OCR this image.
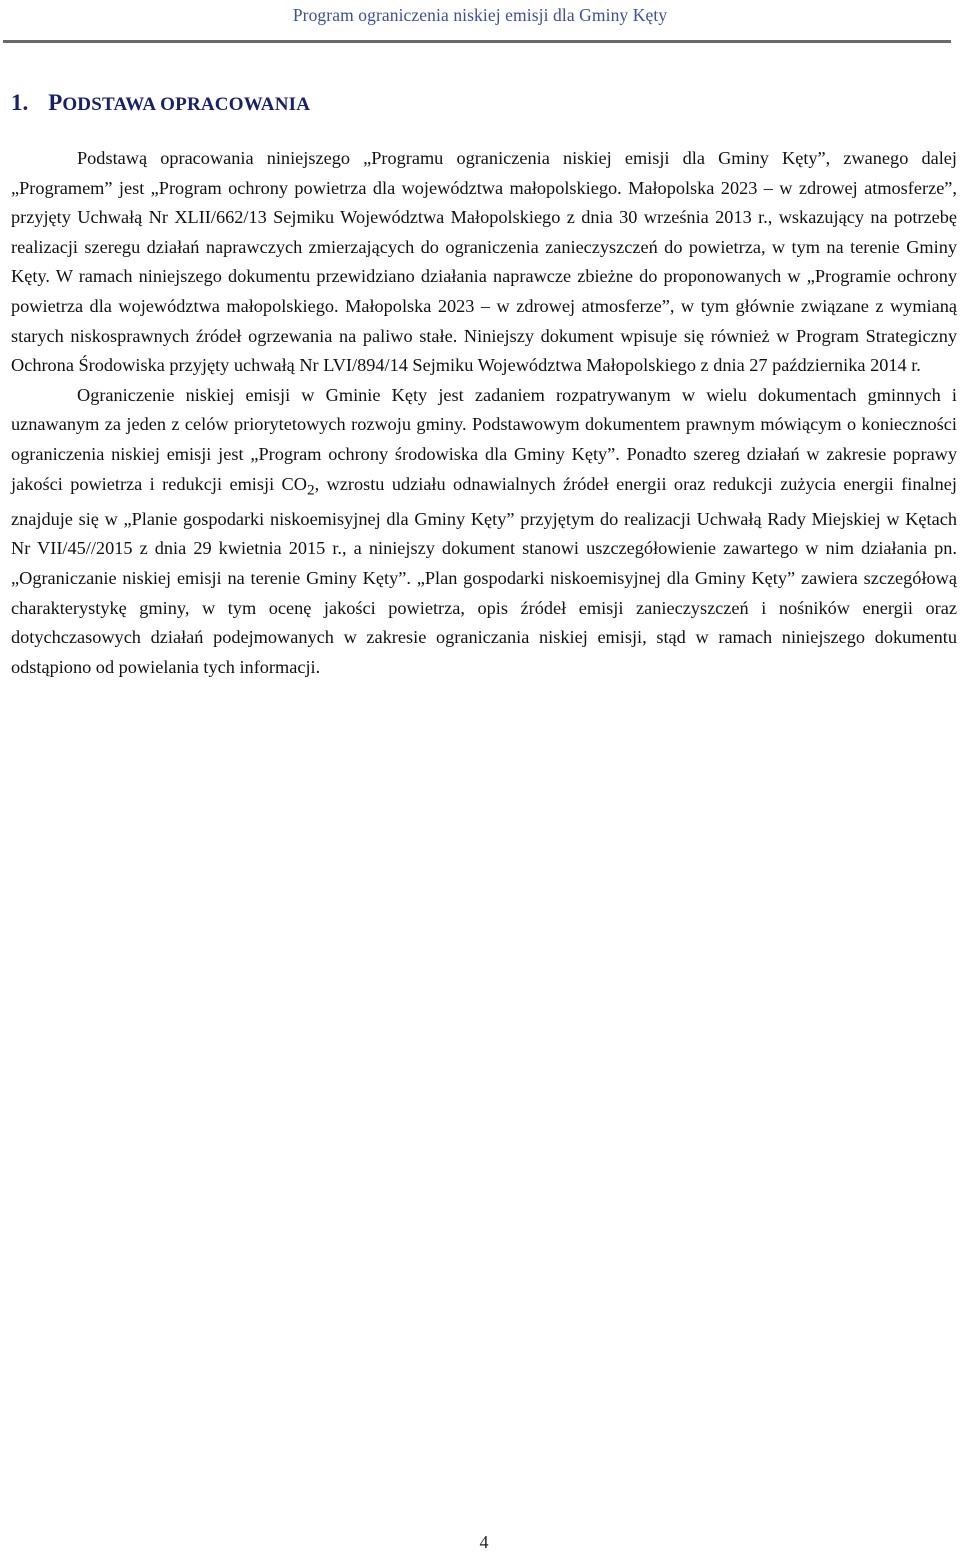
Program ograniczenia niskiej emisji dla Gminy Kęty
1. PODSTAWA OPRACOWANIA

Podstawą opracowania niniejszego „Programu ograniczenia niskiej emisji dla Gminy Kęty”, zwanego dalej „Programem” jest „Program ochrony powietrza dla województwa małopolskiego. Małopolska 2023 – w zdrowej atmosferze”, przyjęty Uchwałą Nr XLII/662/13 Sejmiku Województwa Małopolskiego z dnia 30 września 2013 r., wskazujący na potrzebę realizacji szeregu działań naprawczych zmierzających do ograniczenia zanieczyszczeń do powietrza, w tym na terenie Gminy Kęty. W ramach niniejszego dokumentu przewidziano działania naprawcze zbieżne do proponowanych w „Programie ochrony powietrza dla województwa małopolskiego. Małopolska 2023 – w zdrowej atmosferze”, w tym głównie związane z wymianą starych niskosprawnych źródeł ogrzewania na paliwo stałe. Niniejszy dokument wpisuje się również w Program Strategiczny Ochrona Środowiska przyjęty uchwałą Nr LVI/894/14 Sejmiku Województwa Małopolskiego z dnia 27 października 2014 r.

Ograniczenie niskiej emisji w Gminie Kęty jest zadaniem rozpatrywanym w wielu dokumentach gminnych i uznawanym za jeden z celów priorytetowych rozwoju gminy. Podstawowym dokumentem prawnym mówiącym o konieczności ograniczenia niskiej emisji jest „Program ochrony środowiska dla Gminy Kęty”. Ponadto szereg działań w zakresie poprawy jakości powietrza i redukcji emisji $CO_2$, wzrostu udziału odnawialnych źródeł energii oraz redukcji zużycia energii finalnej znajduje się w „Planie gospodarki niskoemisyjnej dla Gminy Kęty” przyjętym do realizacji Uchwałą Rady Miejskiej w Kętach Nr VII/45//2015 z dnia 29 kwietnia 2015 r., a niniejszy dokument stanowi uszczegółowienie zawartego w nim działania pn. „Ograniczanie niskiej emisji na terenie Gminy Kęty”. „Plan gospodarki niskoemisyjnej dla Gminy Kęty” zawiera szczegółową charakterystykę gminy, w tym ocenę jakości powietrza, opis źródeł emisji zanieczyszczeń i nośników energii oraz dotychczasowych działań podejmowanych w zakresie ograniczania niskiej emisji, stąd w ramach niniejszego dokumentu odstąpiono od powielania tych informacji.

4
